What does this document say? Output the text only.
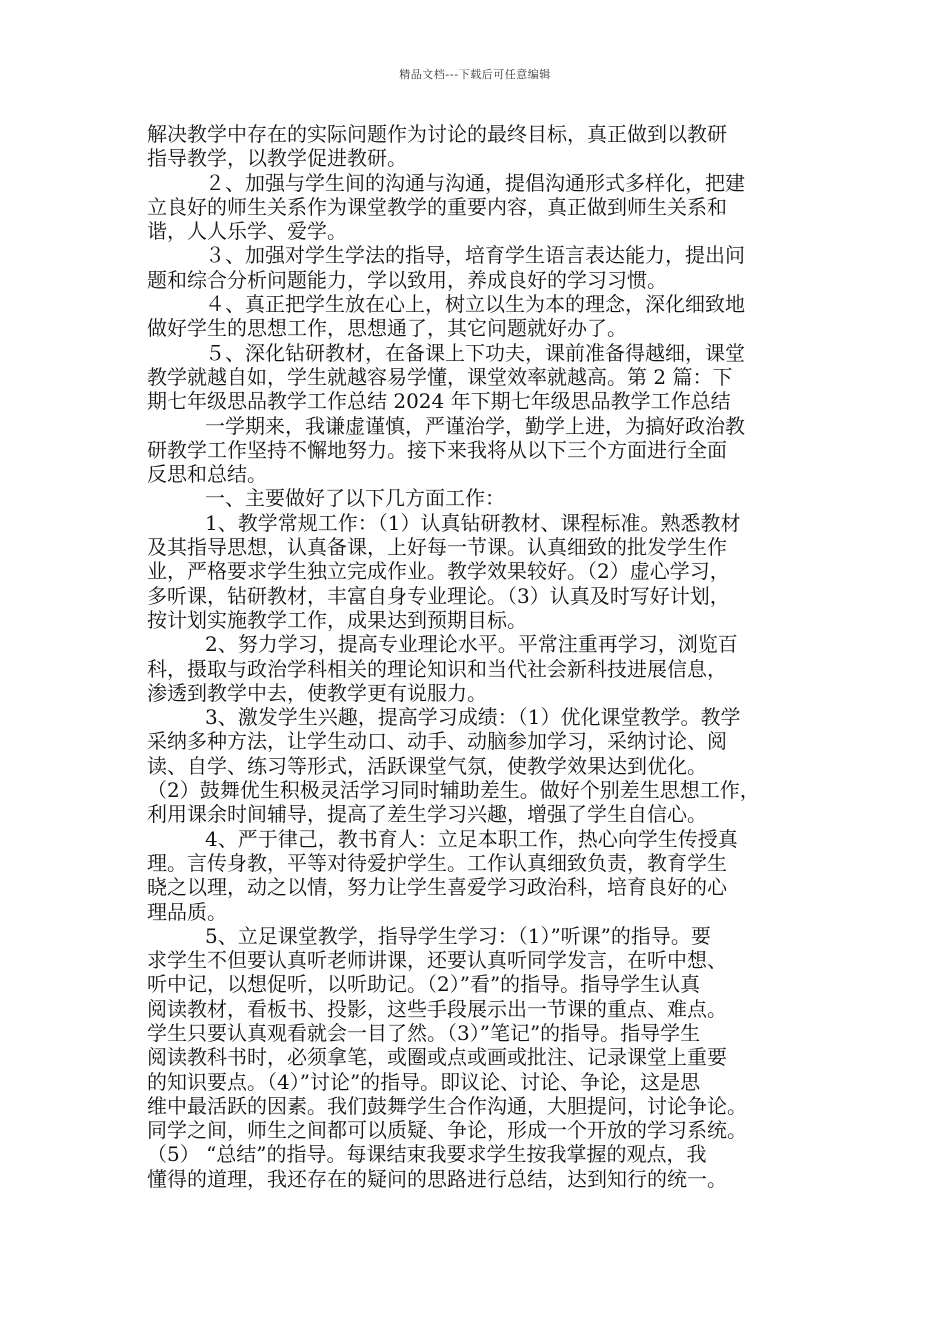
精品文档---下载后可任意编辑
解决教学中存在的实际问题作为讨论的最终目标，真正做到以教研
指导教学，以教学促进教研。
２、加强与学生间的沟通与沟通，提倡沟通形式多样化，把建
立良好的师生关系作为课堂教学的重要内容，真正做到师生关系和
谐，人人乐学、爱学。
３、加强对学生学法的指导，培育学生语言表达能力，提出问
题和综合分析问题能力，学以致用，养成良好的学习习惯。
４、真正把学生放在心上，树立以生为本的理念，深化细致地
做好学生的思想工作，思想通了，其它问题就好办了。
５、深化钻研教材，在备课上下功夫，课前准备得越细，课堂
教学就越自如，学生就越容易学懂，课堂效率就越高。第 2 篇：下
期七年级思品教学工作总结 2024 年下期七年级思品教学工作总结
一学期来，我谦虚谨慎，严谨治学，勤学上进，为搞好政治教
研教学工作坚持不懈地努力。接下来我将从以下三个方面进行全面
反思和总结。
一、主要做好了以下几方面工作：
1、教学常规工作：（1）认真钻研教材、课程标准。熟悉教材
及其指导思想，认真备课，上好每一节课。认真细致的批发学生作
业，严格要求学生独立完成作业。教学效果较好。（2）虚心学习，
多听课，钻研教材，丰富自身专业理论。（3）认真及时写好计划，
按计划实施教学工作，成果达到预期目标。
2、努力学习，提高专业理论水平。平常注重再学习，浏览百
科，摄取与政治学科相关的理论知识和当代社会新科技进展信息，
渗透到教学中去，使教学更有说服力。
3、激发学生兴趣，提高学习成绩：（1）优化课堂教学。教学
采纳多种方法，让学生动口、动手、动脑参加学习，采纳讨论、阅
读、自学、练习等形式，活跃课堂气氛，使教学效果达到优化。
（2）鼓舞优生积极灵活学习同时辅助差生。做好个别差生思想工作，
利用课余时间辅导，提高了差生学习兴趣，增强了学生自信心。
4、严于律己，教书育人：立足本职工作，热心向学生传授真
理。言传身教，平等对待爱护学生。工作认真细致负责，教育学生
晓之以理，动之以情，努力让学生喜爱学习政治科，培育良好的心
理品质。
5、立足课堂教学，指导学生学习：（1）”听课”的指导。要
求学生不但要认真听老师讲课，还要认真听同学发言，在听中想、
听中记，以想促听，以听助记。（2）”看”的指导。指导学生认真
阅读教材，看板书、投影，这些手段展示出一节课的重点、难点。
学生只要认真观看就会一目了然。（3）”笔记”的指导。指导学生
阅读教科书时，必须拿笔，或圈或点或画或批注、记录课堂上重要
的知识要点。（4）”讨论”的指导。即议论、讨论、争论，这是思
维中最活跃的因素。我们鼓舞学生合作沟通，大胆提问，讨论争论。
同学之间，师生之间都可以质疑、争论，形成一个开放的学习系统。
（5） “总结”的指导。每课结束我要求学生按我掌握的观点，我
懂得的道理，我还存在的疑问的思路进行总结，达到知行的统一。
